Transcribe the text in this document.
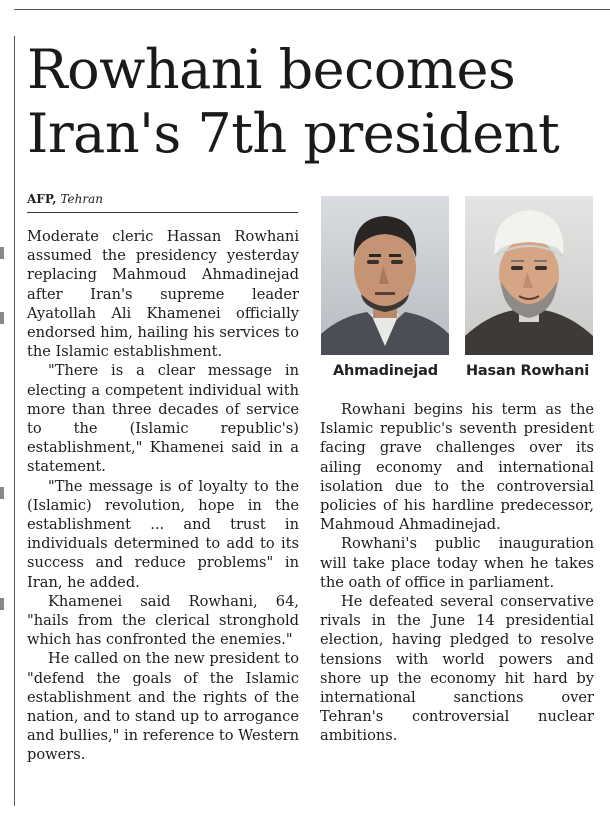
Rowhani becomes
Iran's 7th president
AFP, Tehran

Moderate cleric Hassan Rowhani assumed the presidency yesterday replacing Mahmoud Ahmadinejad after Iran's supreme leader Ayatollah Ali Khamenei officially endorsed him, hailing his services to the Islamic establishment.

"There is a clear message in electing a competent individual with more than three decades of service to the (Islamic republic's) establishment," Khamenei said in a statement.

"The message is of loyalty to the (Islamic) revolution, hope in the establishment ... and trust in individuals determined to add to its success and reduce problems" in Iran, he added.

Khamenei said Rowhani, 64, "hails from the clerical stronghold which has confronted the enemies."

He called on the new president to "defend the goals of the Islamic establishment and the rights of the nation, and to stand up to arrogance and bullies," in reference to Western powers.

Ahmadinejad Hasan Rowhani

Rowhani begins his term as the Islamic republic's seventh president facing grave challenges over its ailing economy and international isolation due to the controversial policies of his hardline predecessor, Mahmoud Ahmadinejad.

Rowhani's public inauguration will take place today when he takes the oath of office in parliament.

He defeated several conservative rivals in the June 14 presidential election, having pledged to resolve tensions with world powers and shore up the economy hit hard by international sanctions over Tehran's controversial nuclear ambitions.
